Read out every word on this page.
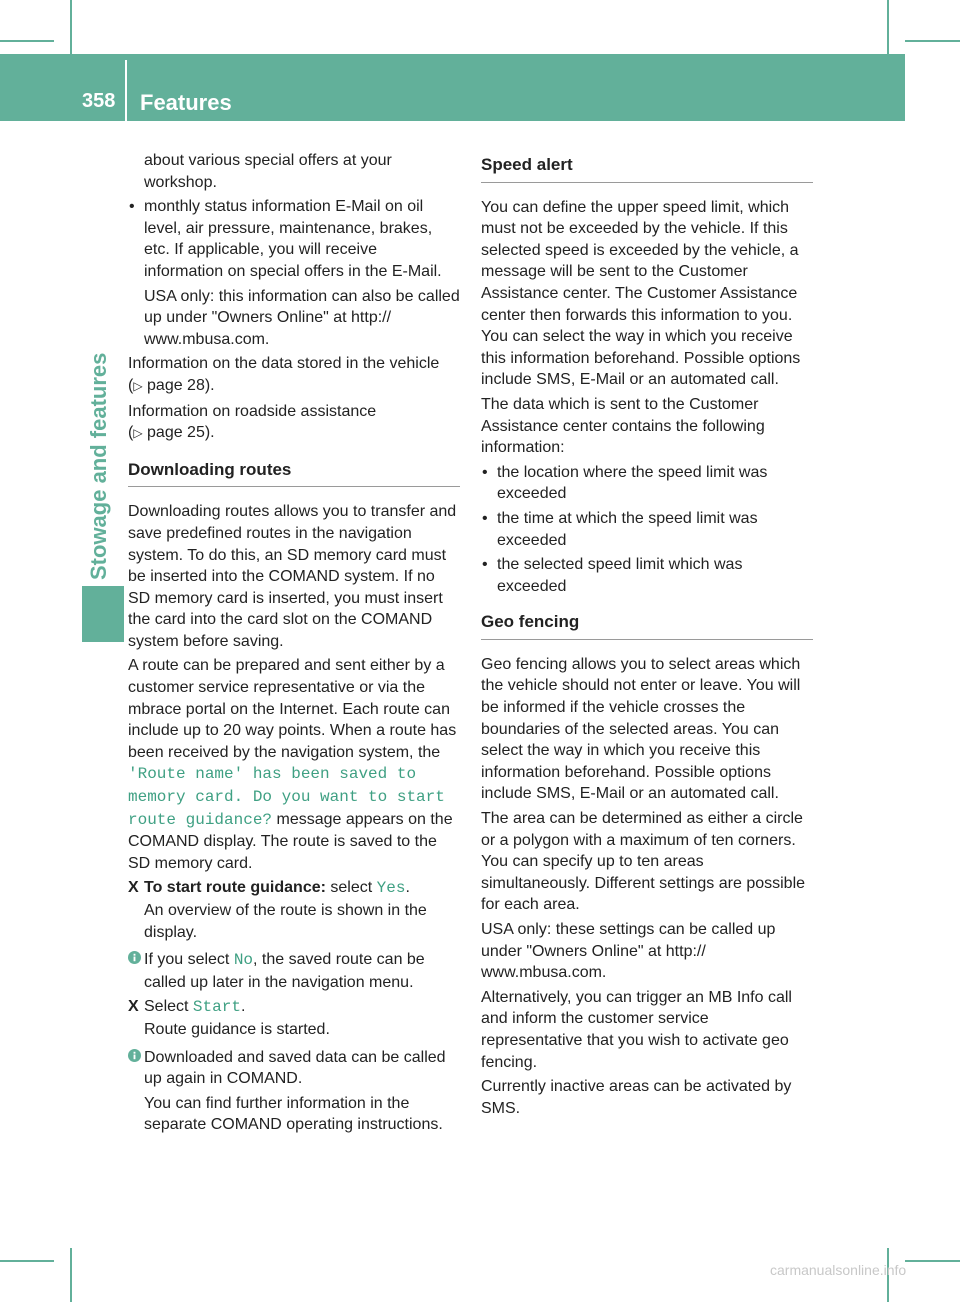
358 Features
Stowage and features

about various special offers at your workshop.

• monthly status information E-Mail on oil level, air pressure, maintenance, brakes, etc. If applicable, you will receive information on special offers in the E-Mail.

USA only: this information can also be called up under "Owners Online" at http:// www.mbusa.com.

Information on the data stored in the vehicle
(▷ page 28).

Information on roadside assistance
(▷ page 25).

Downloading routes

Downloading routes allows you to transfer and save predefined routes in the navigation system. To do this, an SD memory card must be inserted into the COMAND system. If no SD memory card is inserted, you must insert the card into the card slot on the COMAND system before saving.

A route can be prepared and sent either by a customer service representative or via the mbrace portal on the Internet. Each route can include up to 20 way points. When a route has been received by the navigation system, the 'Route name' has been saved to memory card. Do you want to start route guidance? message appears on the COMAND display. The route is saved to the SD memory card.

X To start route guidance: select Yes.
An overview of the route is shown in the display.
If you select No, the saved route can be called up later in the navigation menu.
X Select Start.
Route guidance is started.
Downloaded and saved data can be called up again in COMAND.

You can find further information in the separate COMAND operating instructions.

Speed alert

You can define the upper speed limit, which must not be exceeded by the vehicle. If this selected speed is exceeded by the vehicle, a message will be sent to the Customer Assistance center. The Customer Assistance center then forwards this information to you. You can select the way in which you receive this information beforehand. Possible options include SMS, E-Mail or an automated call.

The data which is sent to the Customer Assistance center contains the following information:

• the location where the speed limit was exceeded
• the time at which the speed limit was exceeded
• the selected speed limit which was exceeded
Geo fencing

Geo fencing allows you to select areas which the vehicle should not enter or leave. You will be informed if the vehicle crosses the boundaries of the selected areas. You can select the way in which you receive this information beforehand. Possible options include SMS, E-Mail or an automated call.

The area can be determined as either a circle or a polygon with a maximum of ten corners. You can specify up to ten areas simultaneously. Different settings are possible for each area.

USA only: these settings can be called up under "Owners Online" at http:// www.mbusa.com.

Alternatively, you can trigger an MB Info call and inform the customer service representative that you wish to activate geo fencing.

Currently inactive areas can be activated by SMS.

carmanualsonline.info
